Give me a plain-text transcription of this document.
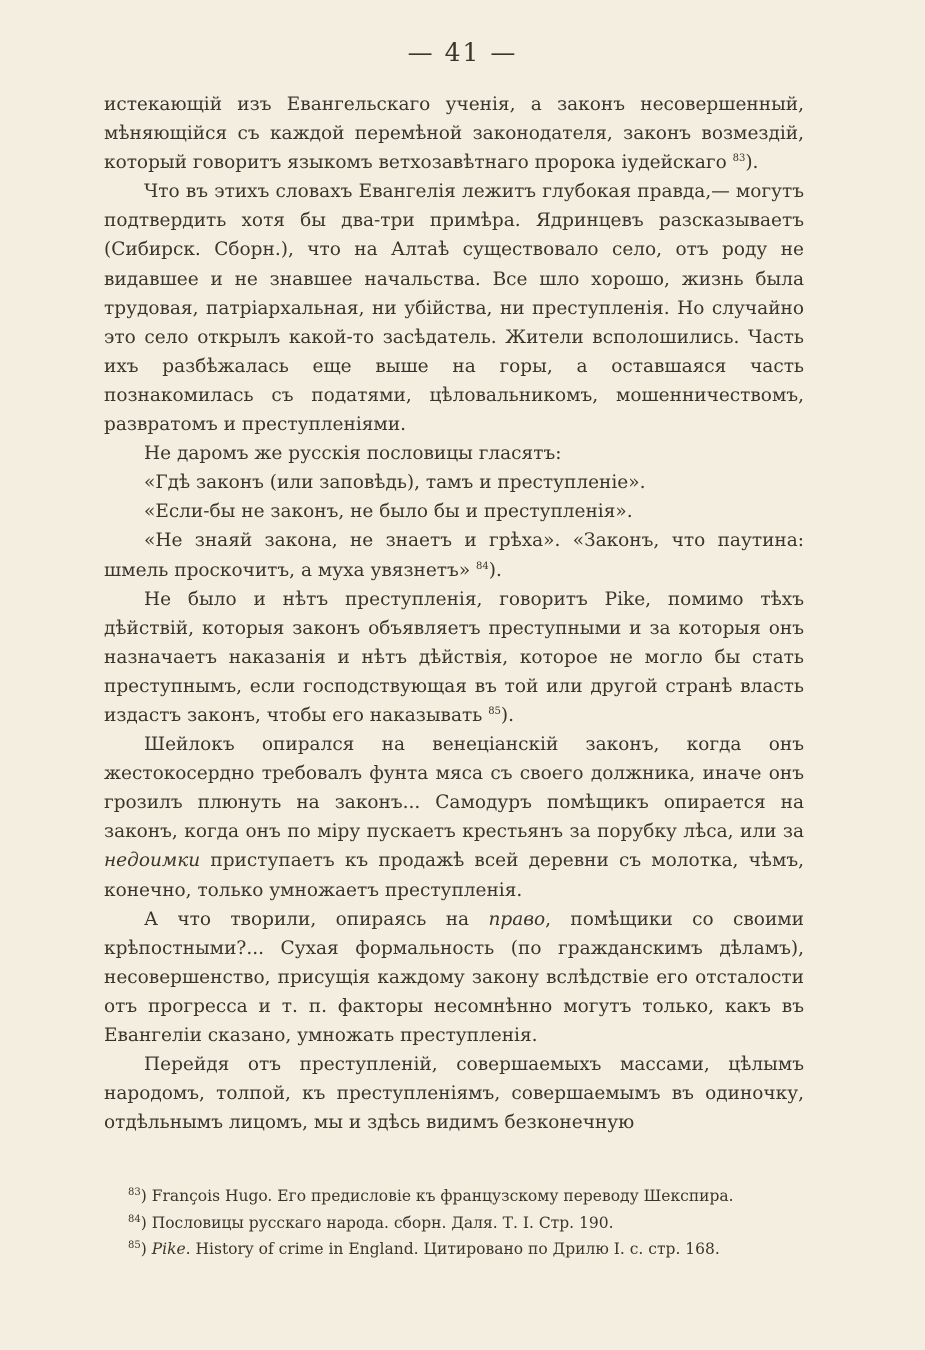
— 41 —

истекающій изъ Евангельскаго ученія, а законъ несовершенный, мѣняющійся съ каждой перемѣной законодателя, законъ возмездій, который говоритъ языкомъ ветхозавѣтнаго пророка іудейскаго $^{83}$).

Что въ этихъ словахъ Евангелія лежитъ глубокая правда,— могутъ подтвердить хотя бы два-три примѣра. Ядринцевъ разсказываетъ (Сибирск. Сборн.), что на Алтаѣ существовало село, отъ роду не видавшее и не знавшее начальства. Все шло хорошо, жизнь была трудовая, патріархальная, ни убійства, ни преступленія. Но случайно это село открылъ какой-то засѣдатель. Жители всполошились. Часть ихъ разбѣжалась еще выше на горы, а оставшаяся часть познакомилась съ податями, цѣловальникомъ, мошенничествомъ, развратомъ и преступленіями.

Не даромъ же русскія пословицы гласятъ:

«Гдѣ законъ (или заповѣдь), тамъ и преступленіе».

«Если-бы не законъ, не было бы и преступленія».

«Не знаяй закона, не знаетъ и грѣха». «Законъ, что паутина: шмель проскочитъ, а муха увязнетъ» $^{84}$).

Не было и нѣтъ преступленія, говоритъ Pike, помимо тѣхъ дѣйствій, которыя законъ объявляетъ преступными и за которыя онъ назначаетъ наказанія и нѣтъ дѣйствія, которое не могло бы стать преступнымъ, если господствующая въ той или другой странѣ власть издастъ законъ, чтобы его наказывать $^{85}$).

Шейлокъ опирался на венеціанскій законъ, когда онъ жестокосердно требовалъ фунта мяса съ своего должника, иначе онъ грозилъ плюнуть на законъ... Самодуръ помѣщикъ опирается на законъ, когда онъ по міру пускаетъ крестьянъ за порубку лѣса, или за недоимки приступаетъ къ продажѣ всей деревни съ молотка, чѣмъ, конечно, только умножаетъ преступленія.

А что творили, опираясь на право, помѣщики со своими крѣпостными?... Сухая формальность (по гражданскимъ дѣламъ), несовершенство, присущія каждому закону вслѣдствіе его отсталости отъ прогресса и т. п. факторы несомнѣнно могутъ только, какъ въ Евангеліи сказано, умножать преступленія.

Перейдя отъ преступленій, совершаемыхъ массами, цѣлымъ народомъ, толпой, къ преступленіямъ, совершаемымъ въ одиночку, отдѣльнымъ лицомъ, мы и здѣсь видимъ безконечную

$^{83}$) François Hugo. Его предисловіе къ французскому переводу Шекспира.

$^{84}$) Пословицы русскаго народа. сборн. Даля. Т. I. Стр. 190.

$^{85}$) Pike. History of crime in England. Цитировано по Дрилю I. с. стр. 168.
